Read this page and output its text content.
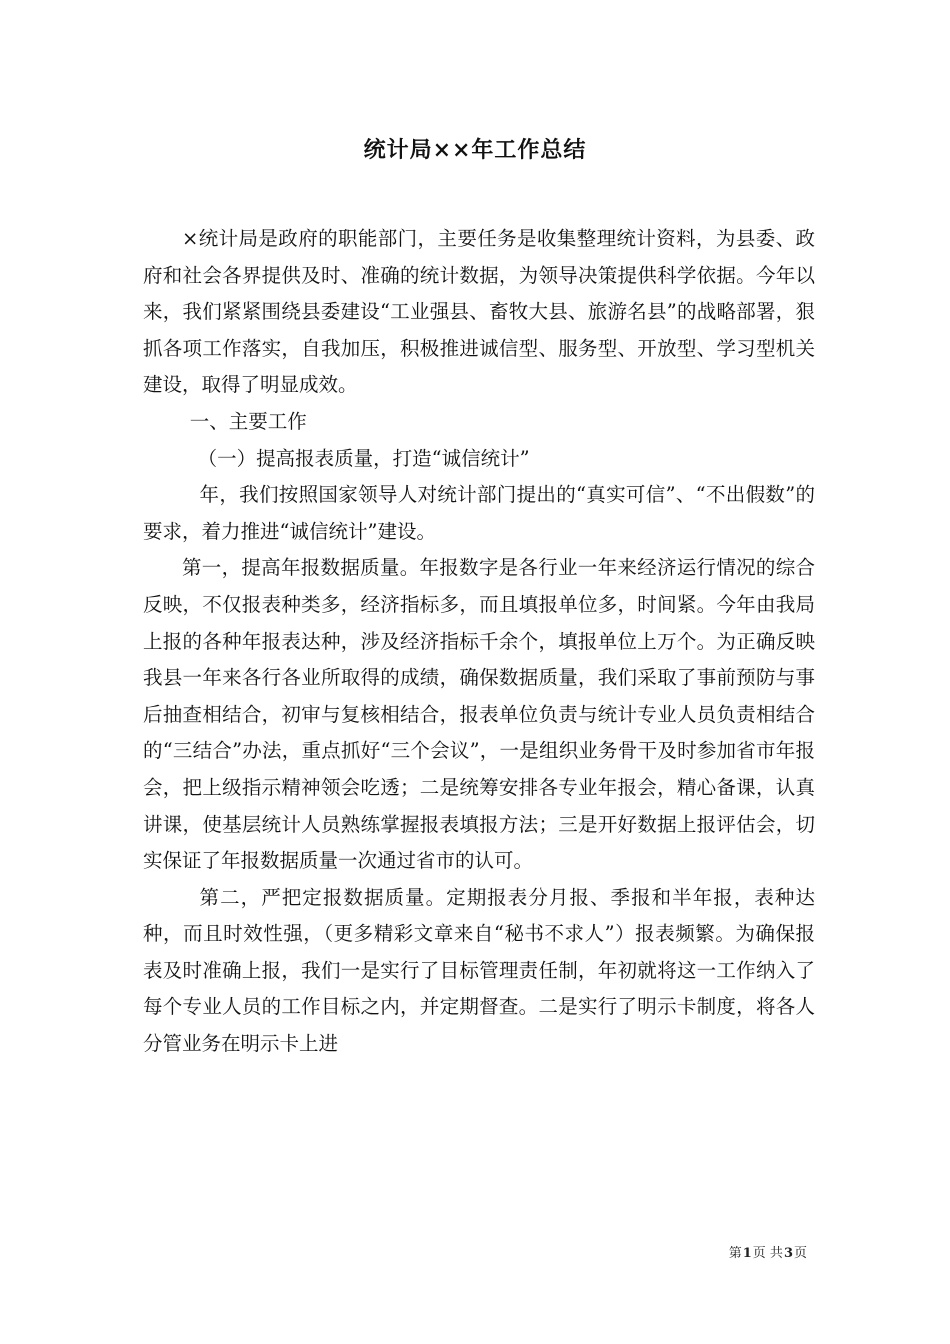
统计局××年工作总结

×统计局是政府的职能部门，主要任务是收集整理统计资料，为县委、政府和社会各界提供及时、准确的统计数据，为领导决策提供科学依据。今年以来，我们紧紧围绕县委建设“工业强县、畜牧大县、旅游名县”的战略部署，狠抓各项工作落实，自我加压，积极推进诚信型、服务型、开放型、学习型机关建设，取得了明显成效。

一、主要工作

（一）提高报表质量，打造“诚信统计”

年，我们按照国家领导人对统计部门提出的“真实可信”、“不出假数”的要求，着力推进“诚信统计”建设。

第一，提高年报数据质量。年报数字是各行业一年来经济运行情况的综合反映，不仅报表种类多，经济指标多，而且填报单位多，时间紧。今年由我局上报的各种年报表达种，涉及经济指标千余个，填报单位上万个。为正确反映我县一年来各行各业所取得的成绩，确保数据质量，我们采取了事前预防与事后抽查相结合，初审与复核相结合，报表单位负责与统计专业人员负责相结合的“三结合”办法，重点抓好“三个会议”，一是组织业务骨干及时参加省市年报会，把上级指示精神领会吃透；二是统筹安排各专业年报会，精心备课，认真讲课，使基层统计人员熟练掌握报表填报方法；三是开好数据上报评估会，切实保证了年报数据质量一次通过省市的认可。

第二，严把定报数据质量。定期报表分月报、季报和半年报，表种达种，而且时效性强，（更多精彩文章来自“秘书不求人”）报表频繁。为确保报表及时准确上报，我们一是实行了目标管理责任制，年初就将这一工作纳入了每个专业人员的工作目标之内，并定期督查。二是实行了明示卡制度，将各人分管业务在明示卡上进

第1页 共3页
